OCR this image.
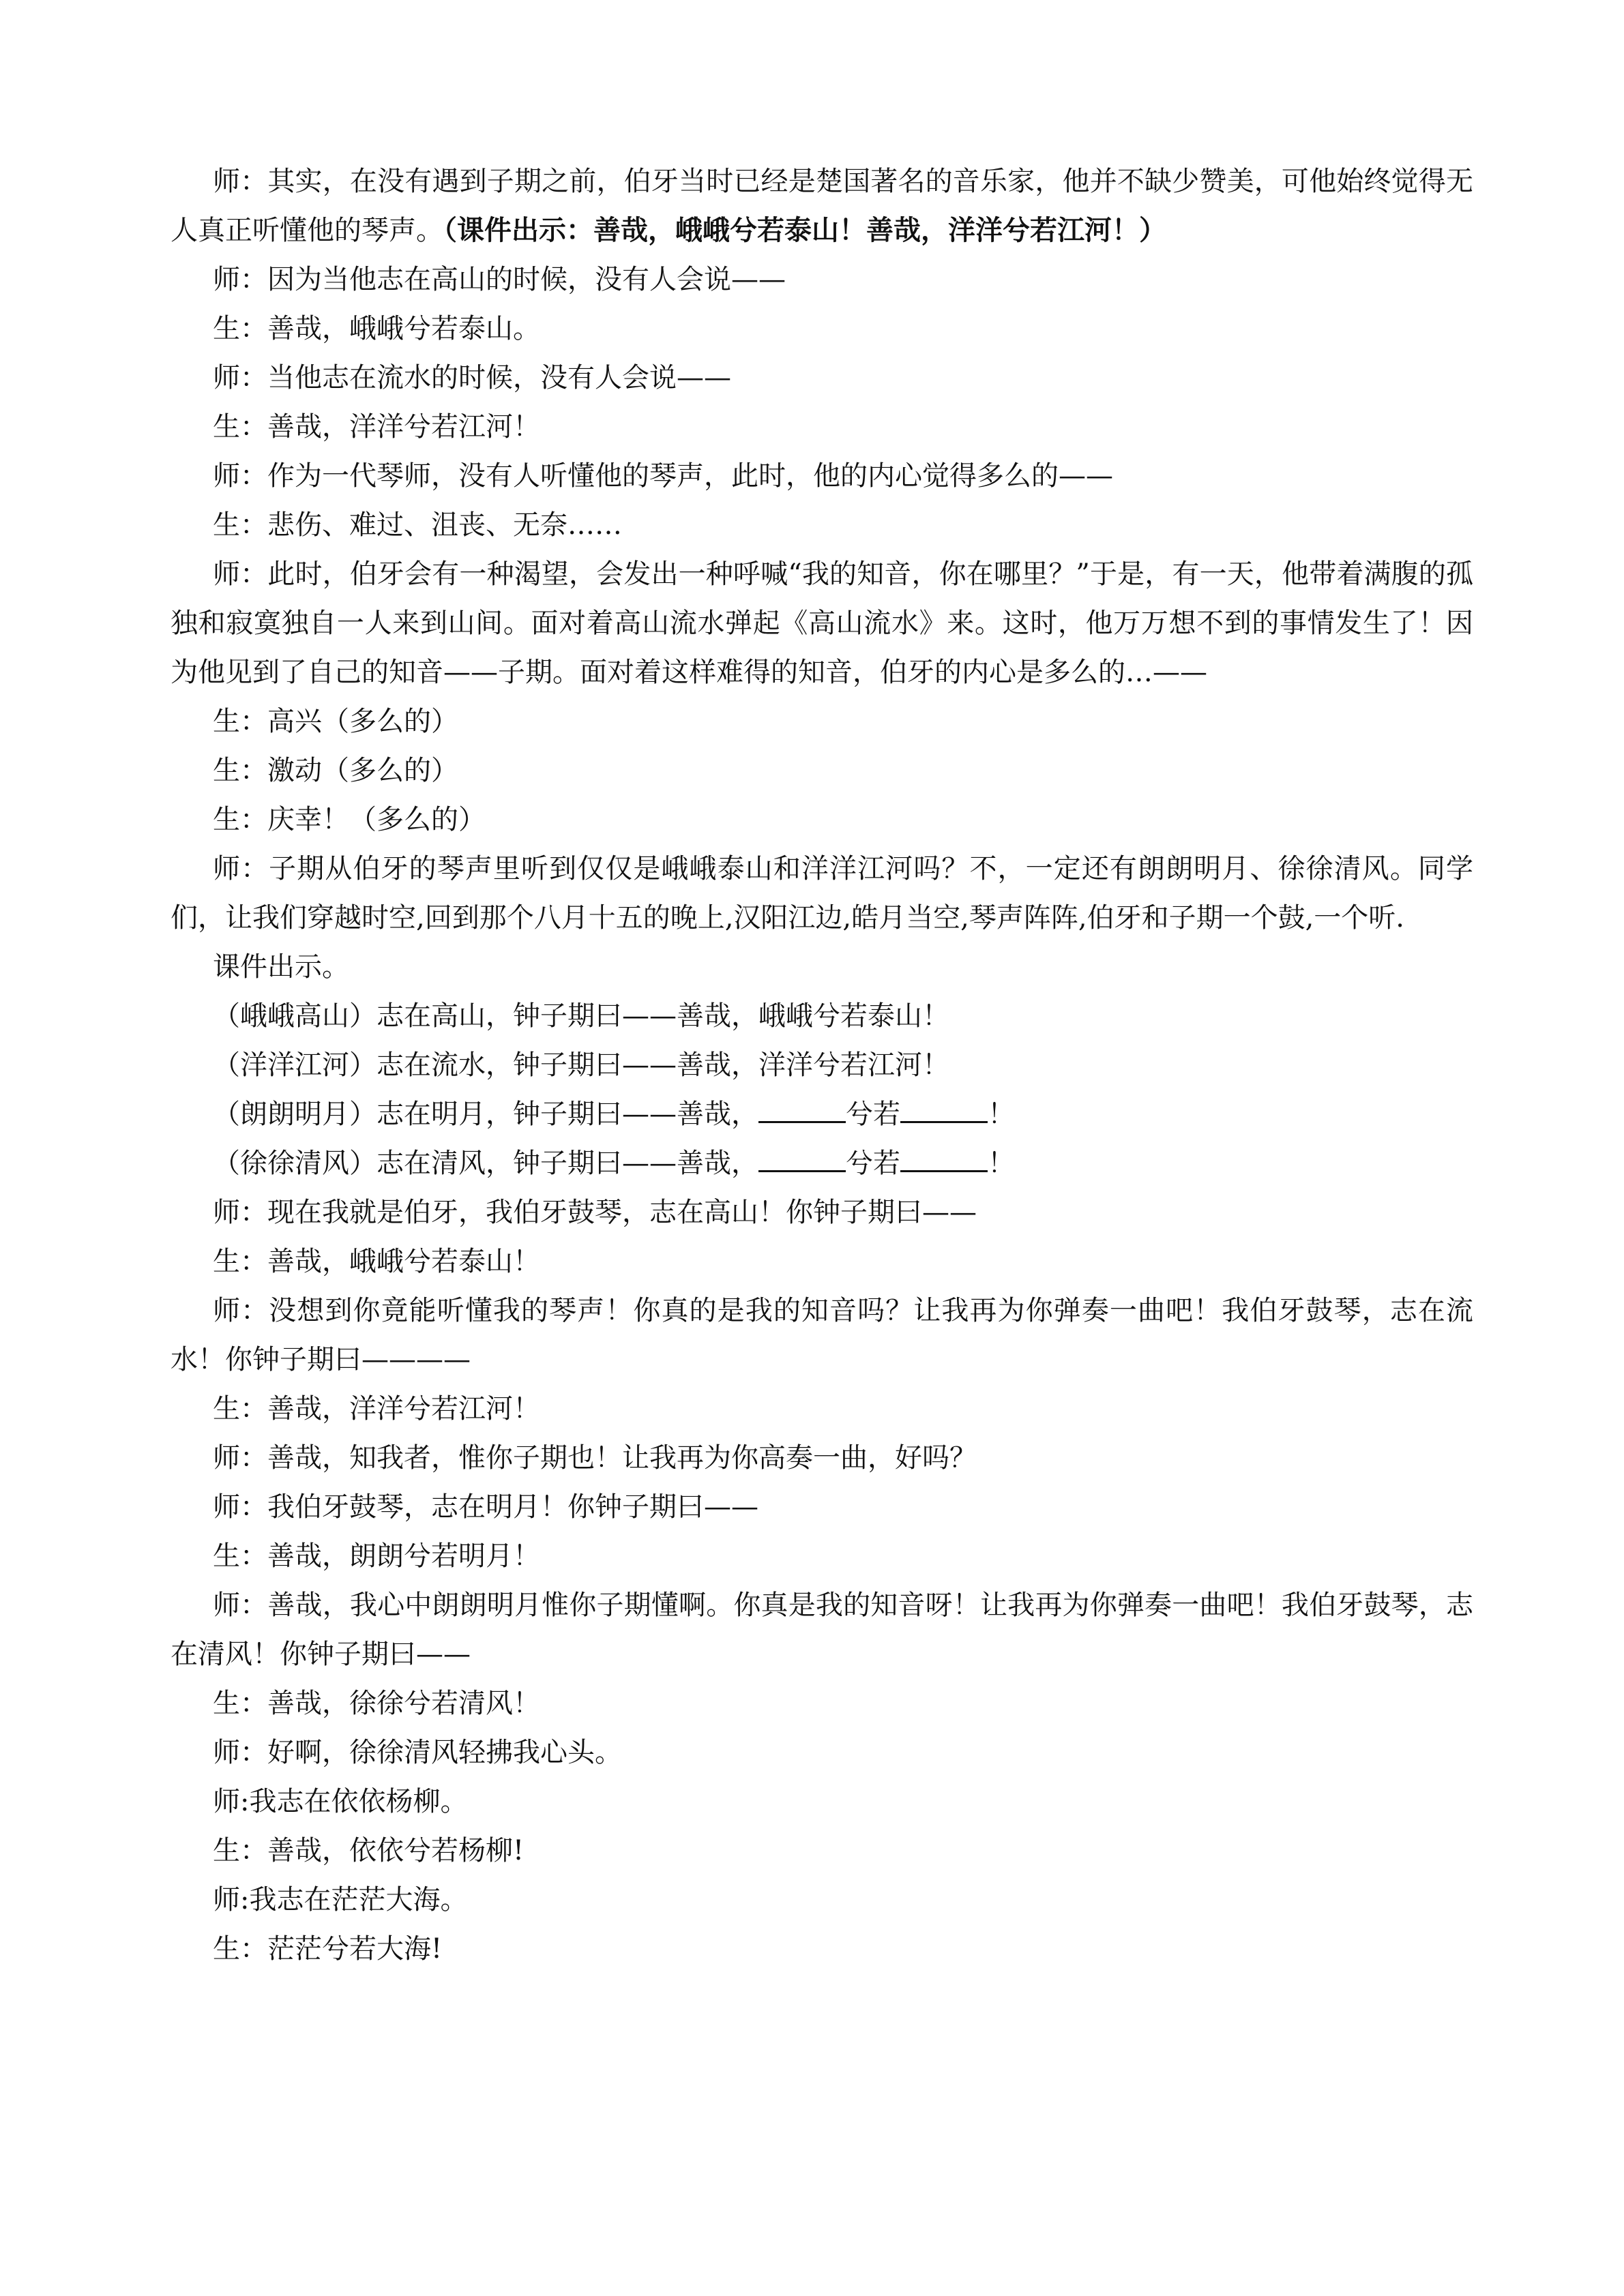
师：其实，在没有遇到子期之前，伯牙当时已经是楚国著名的音乐家，他并不缺少赞美，可他始终觉得无人真正听懂他的琴声。（课件出示：善哉，峨峨兮若泰山！善哉，洋洋兮若江河！）

师：因为当他志在高山的时候，没有人会说——

生：善哉，峨峨兮若泰山。

师：当他志在流水的时候，没有人会说——

生：善哉，洋洋兮若江河！

师：作为一代琴师，没有人听懂他的琴声，此时，他的内心觉得多么的——

生：悲伤、难过、沮丧、无奈……

师：此时，伯牙会有一种渴望，会发出一种呼喊“我的知音，你在哪里？”于是，有一天，他带着满腹的孤独和寂寞独自一人来到山间。面对着高山流水弹起《高山流水》来。这时，他万万想不到的事情发生了！因为他见到了自己的知音——子期。面对着这样难得的知音，伯牙的内心是多么的…——

生：高兴（多么的）

生：激动（多么的）

生：庆幸！（多么的）

师：子期从伯牙的琴声里听到仅仅是峨峨泰山和洋洋江河吗？不，一定还有朗朗明月、徐徐清风。同学们，让我们穿越时空,回到那个八月十五的晚上,汉阳江边,皓月当空,琴声阵阵,伯牙和子期一个鼓,一个听.

课件出示。

（峨峨高山）志在高山，钟子期曰——善哉，峨峨兮若泰山！

（洋洋江河）志在流水，钟子期曰——善哉，洋洋兮若江河！

（朗朗明月）志在明月，钟子期曰——善哉，	兮若	！

（徐徐清风）志在清风，钟子期曰——善哉，	兮若	！

师：现在我就是伯牙，我伯牙鼓琴，志在高山！你钟子期曰——

生：善哉，峨峨兮若泰山！

师：没想到你竟能听懂我的琴声！你真的是我的知音吗？让我再为你弹奏一曲吧！我伯牙鼓琴，志在流水！你钟子期曰————

生：善哉，洋洋兮若江河！

师：善哉，知我者，惟你子期也！让我再为你高奏一曲，好吗？

师：我伯牙鼓琴，志在明月！你钟子期曰——

生：善哉，朗朗兮若明月！

师：善哉，我心中朗朗明月惟你子期懂啊。你真是我的知音呀！让我再为你弹奏一曲吧！我伯牙鼓琴，志在清风！你钟子期曰——

生：善哉，徐徐兮若清风！

师：好啊，徐徐清风轻拂我心头。

师:我志在依依杨柳。

生：善哉，依依兮若杨柳!

师:我志在茫茫大海。

生：茫茫兮若大海!
